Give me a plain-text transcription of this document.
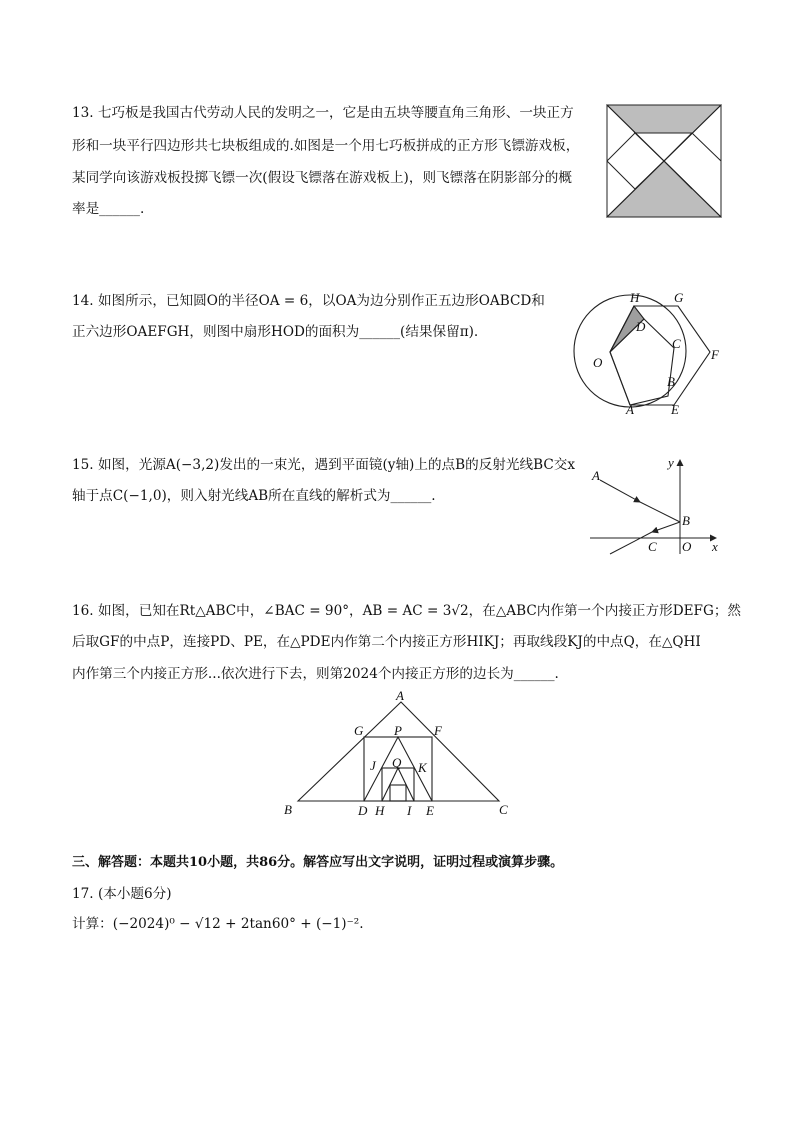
13. 七巧板是我国古代劳动人民的发明之一，它是由五块等腰直角三角形、一块正方
形和一块平行四边形共七块板组成的.如图是一个用七巧板拼成的正方形飞镖游戏板，
某同学向该游戏板投掷飞镖一次(假设飞镖落在游戏板上)，则飞镖落在阴影部分的概
率是______.
14. 如图所示，已知圆O的半径OA = 6，以OA为边分别作正五边形OABCD和
正六边形OAEFGH，则图中扇形HOD的面积为______(结果保留π).
H	G
D
C
F
O
B
A	E
15. 如图，光源A(−3,2)发出的一束光，遇到平面镜(y轴)上的点B的反射光线BC交x
轴于点C(−1,0)，则入射光线AB所在直线的解析式为______.
A
y
B
C O x
16. 如图，已知在Rt△ABC中，∠BAC = 90°，AB = AC = 3√2，在△ABC内作第一个内接正方形DEFG；然
后取GF的中点P，连接PD、PE，在△PDE内作第二个内接正方形HIKJ；再取线段KJ的中点Q，在△QHI
内作第三个内接正方形...依次进行下去，则第2024个内接正方形的边长为______.
A
G P F
J Q K
B	D H I E	C
三、解答题：本题共10小题，共86分。解答应写出文字说明，证明过程或演算步骤。
17. (本小题6分)
计算：(−2024)⁰ − √12 + 2tan60° + (−1)⁻².
